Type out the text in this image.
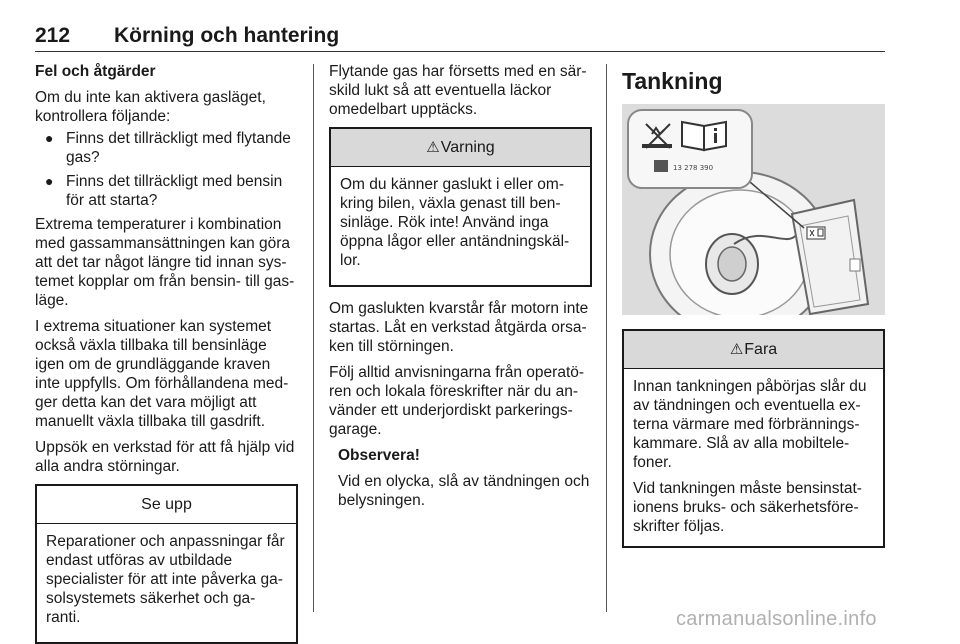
212 Körning och hantering

Fel och åtgärder

Om du inte kan aktivera gasläget, kontrollera följande:

● Finns det tillräckligt med flytande gas?
● Finns det tillräckligt med bensin för att starta?

Extrema temperaturer i kombination med gassammansättningen kan göra att det tar något längre tid innan sys- temet kopplar om från bensin- till gas- läge.

I extrema situationer kan systemet också växla tillbaka till bensinläge igen om de grundläggande kraven inte uppfylls. Om förhållandena med- ger detta kan det vara möjligt att manuellt växla tillbaka till gasdrift.

Uppsök en verkstad för att få hjälp vid alla andra störningar.

Se upp

Reparationer och anpassningar får endast utföras av utbildade specialister för att inte påverka ga- solsystemets säkerhet och ga- ranti.

Flytande gas har försetts med en sär- skild lukt så att eventuella läckor omedelbart upptäcks.

⚠Varning

Om du känner gaslukt i eller om- kring bilen, växla genast till ben- sinläge. Rök inte! Använd inga öppna lågor eller antändningskäl- lor.

Om gaslukten kvarstår får motorn inte startas. Låt en verkstad åtgärda orsa- ken till störningen.

Följ alltid anvisningarna från operatö- ren och lokala föreskrifter när du an- vänder ett underjordiskt parkerings- garage.

Observera!

Vid en olycka, slå av tändningen och belysningen.

Tankning
13 278 390
⚠Fara

Innan tankningen påbörjas slår du av tändningen och eventuella ex- terna värmare med förbrännings- kammare. Slå av alla mobiltele- foner.

Vid tankningen måste bensinstat- ionens bruks- och säkerhetsföre- skrifter följas.

carmanualsonline.info
